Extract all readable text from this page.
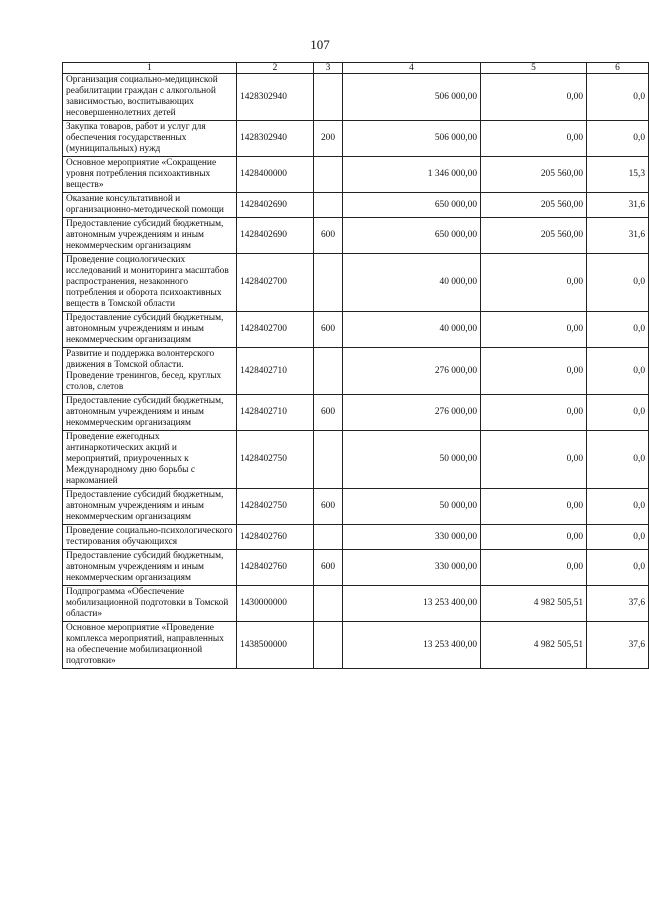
107
1	2	3	4	5	6
Организация социально-медицинской реабилитации граждан с алкогольной зависимостью, воспитывающих несовершеннолетних детей	1428302940		506 000,00	0,00	0,0
Закупка товаров, работ и услуг для обеспечения государственных (муниципальных) нужд	1428302940	200	506 000,00	0,00	0,0
Основное мероприятие «Сокращение уровня потребления психоактивных веществ»	1428400000		1 346 000,00	205 560,00	15,3
Оказание консультативной и организационно-методической помощи	1428402690		650 000,00	205 560,00	31,6
Предоставление субсидий бюджетным, автономным учреждениям и иным некоммерческим организациям	1428402690	600	650 000,00	205 560,00	31,6
Проведение социологических исследований и мониторинга масштабов распространения, незаконного потребления и оборота психоактивных веществ в Томской области	1428402700		40 000,00	0,00	0,0
Предоставление субсидий бюджетным, автономным учреждениям и иным некоммерческим организациям	1428402700	600	40 000,00	0,00	0,0
Развитие и поддержка волонтерского движения в Томской области. Проведение тренингов, бесед, круглых столов, слетов	1428402710		276 000,00	0,00	0,0
Предоставление субсидий бюджетным, автономным учреждениям и иным некоммерческим организациям	1428402710	600	276 000,00	0,00	0,0
Проведение ежегодных антинаркотических акций и мероприятий, приуроченных к Международному дню борьбы с наркоманией	1428402750		50 000,00	0,00	0,0
Предоставление субсидий бюджетным, автономным учреждениям и иным некоммерческим организациям	1428402750	600	50 000,00	0,00	0,0
Проведение социально-психологического тестирования обучающихся	1428402760		330 000,00	0,00	0,0
Предоставление субсидий бюджетным, автономным учреждениям и иным некоммерческим организациям	1428402760	600	330 000,00	0,00	0,0
Подпрограмма «Обеспечение мобилизационной подготовки в Томской области»	1430000000		13 253 400,00	4 982 505,51	37,6
Основное мероприятие «Проведение комплекса мероприятий, направленных на обеспечение мобилизационной подготовки»	1438500000		13 253 400,00	4 982 505,51	37,6
